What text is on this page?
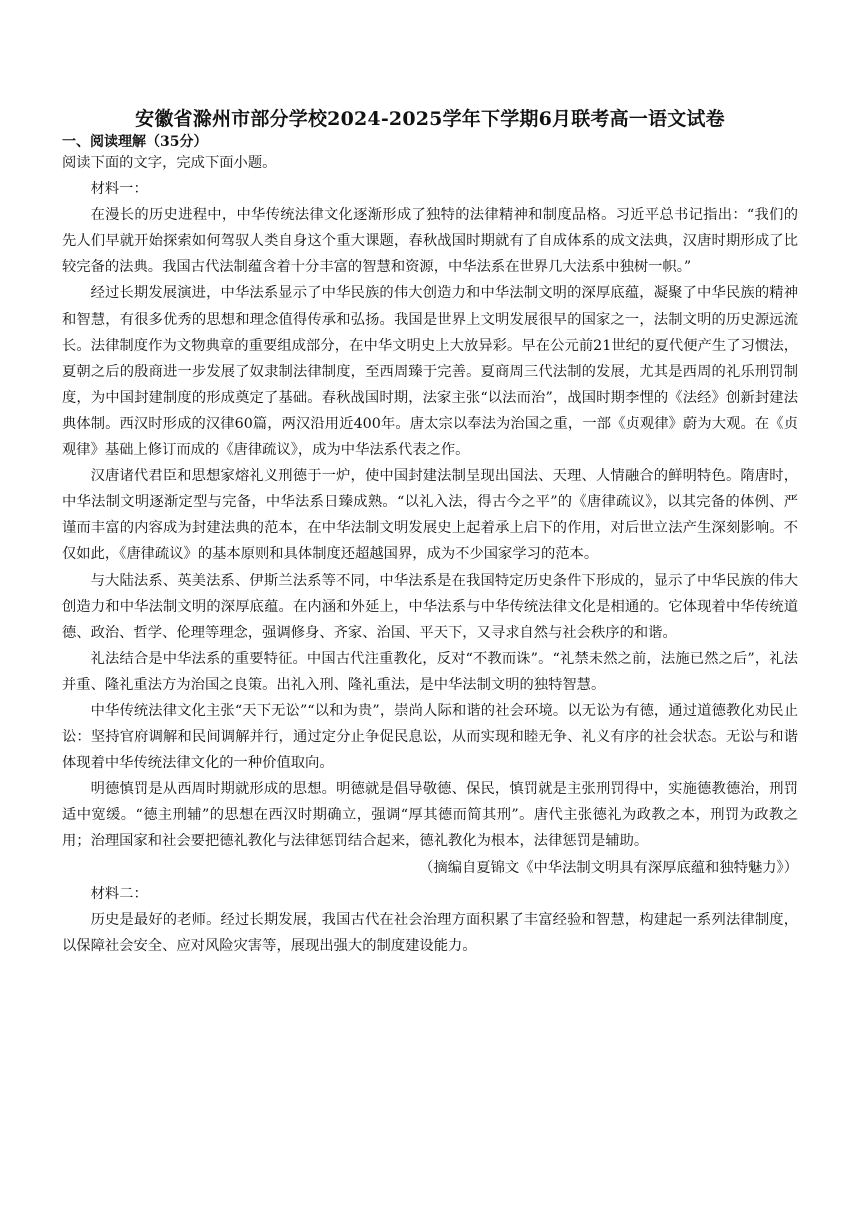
安徽省滁州市部分学校2024-2025学年下学期6月联考高一语文试卷
一、阅读理解（35分）

阅读下面的文字，完成下面小题。

材料一：

在漫长的历史进程中，中华传统法律文化逐渐形成了独特的法律精神和制度品格。习近平总书记指出：“我们的先人们早就开始探索如何驾驭人类自身这个重大课题，春秋战国时期就有了自成体系的成文法典，汉唐时期形成了比较完备的法典。我国古代法制蕴含着十分丰富的智慧和资源，中华法系在世界几大法系中独树一帜。”

经过长期发展演进，中华法系显示了中华民族的伟大创造力和中华法制文明的深厚底蕴，凝聚了中华民族的精神和智慧，有很多优秀的思想和理念值得传承和弘扬。我国是世界上文明发展很早的国家之一，法制文明的历史源远流长。法律制度作为文物典章的重要组成部分，在中华文明史上大放异彩。早在公元前21世纪的夏代便产生了习惯法，夏朝之后的殷商进一步发展了奴隶制法律制度，至西周臻于完善。夏商周三代法制的发展，尤其是西周的礼乐刑罚制度，为中国封建制度的形成奠定了基础。春秋战国时期，法家主张“以法而治”，战国时期李悝的《法经》创新封建法典体制。西汉时形成的汉律60篇，两汉沿用近400年。唐太宗以奉法为治国之重，一部《贞观律》蔚为大观。在《贞观律》基础上修订而成的《唐律疏议》，成为中华法系代表之作。

汉唐诸代君臣和思想家熔礼义刑德于一炉，使中国封建法制呈现出国法、天理、人情融合的鲜明特色。隋唐时，中华法制文明逐渐定型与完备，中华法系日臻成熟。“以礼入法，得古今之平”的《唐律疏议》，以其完备的体例、严谨而丰富的内容成为封建法典的范本，在中华法制文明发展史上起着承上启下的作用，对后世立法产生深刻影响。不仅如此，《唐律疏议》的基本原则和具体制度还超越国界，成为不少国家学习的范本。

与大陆法系、英美法系、伊斯兰法系等不同，中华法系是在我国特定历史条件下形成的，显示了中华民族的伟大创造力和中华法制文明的深厚底蕴。在内涵和外延上，中华法系与中华传统法律文化是相通的。它体现着中华传统道德、政治、哲学、伦理等理念，强调修身、齐家、治国、平天下，又寻求自然与社会秩序的和谐。

礼法结合是中华法系的重要特征。中国古代注重教化，反对“不教而诛”。“礼禁未然之前，法施已然之后”，礼法并重、隆礼重法方为治国之良策。出礼入刑、隆礼重法，是中华法制文明的独特智慧。

中华传统法律文化主张“天下无讼”“以和为贵”，崇尚人际和谐的社会环境。以无讼为有德，通过道德教化劝民止讼：坚持官府调解和民间调解并行，通过定分止争促民息讼，从而实现和睦无争、礼义有序的社会状态。无讼与和谐体现着中华传统法律文化的一种价值取向。

明德慎罚是从西周时期就形成的思想。明德就是倡导敬德、保民，慎罚就是主张刑罚得中，实施德教德治，刑罚适中宽缓。“德主刑辅”的思想在西汉时期确立，强调“厚其德而简其刑”。唐代主张德礼为政教之本，刑罚为政教之用；治理国家和社会要把德礼教化与法律惩罚结合起来，德礼教化为根本，法律惩罚是辅助。

（摘编自夏锦文《中华法制文明具有深厚底蕴和独特魅力》）

材料二：

历史是最好的老师。经过长期发展，我国古代在社会治理方面积累了丰富经验和智慧，构建起一系列法律制度，以保障社会安全、应对风险灾害等，展现出强大的制度建设能力。
